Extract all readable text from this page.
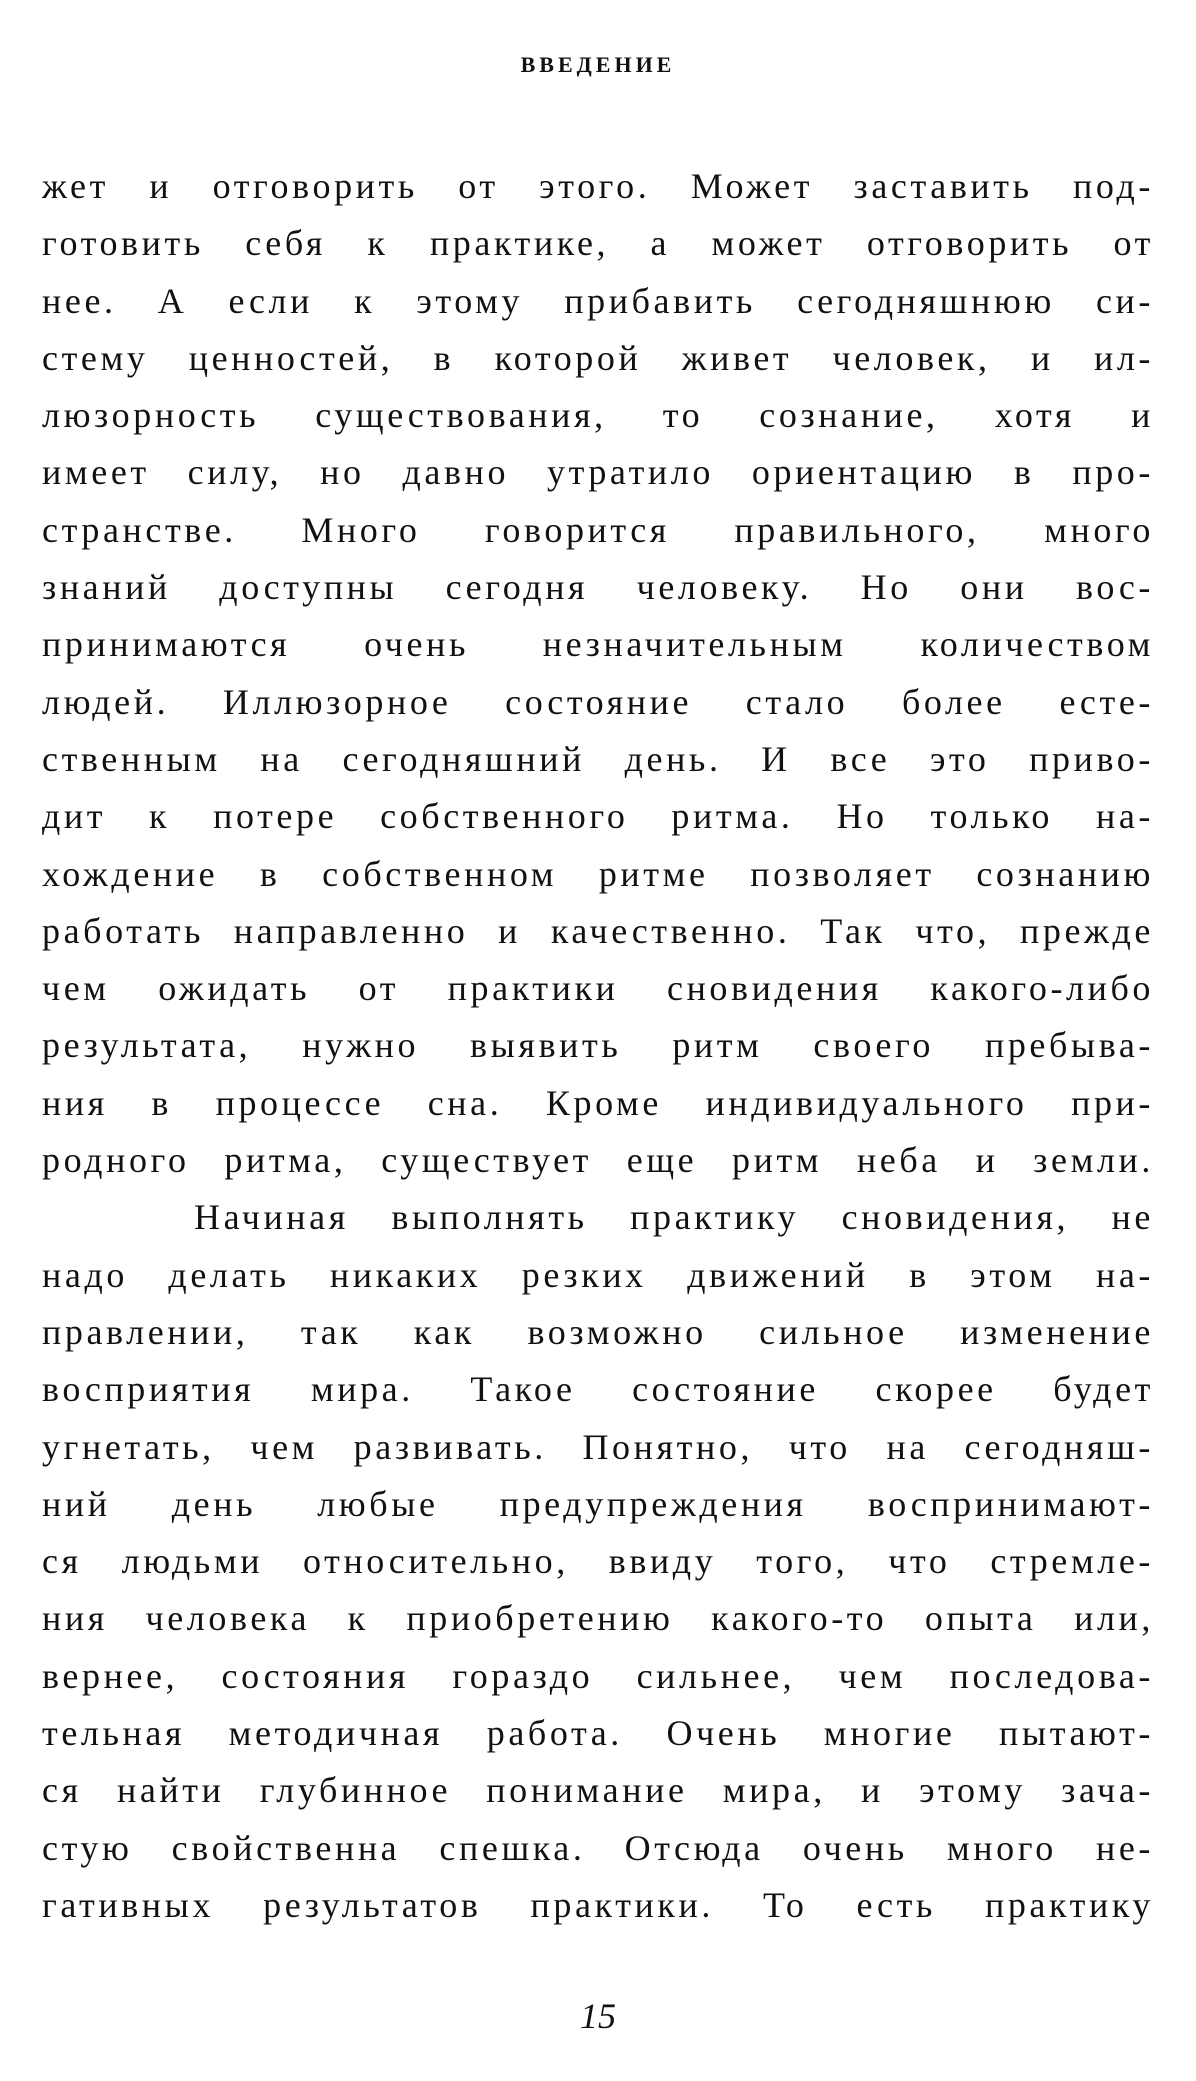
ВВЕДЕНИЕ
жет и отговорить от этого. Может заставить под-
готовить себя к практике, а может отговорить от
нее. А если к этому прибавить сегодняшнюю си-
стему ценностей, в которой живет человек, и ил-
люзорность существования, то сознание, хотя и
имеет силу, но давно утратило ориентацию в про-
странстве. Много говорится правильного, много
знаний доступны сегодня человеку. Но они вос-
принимаются очень незначительным количеством
людей. Иллюзорное состояние стало более есте-
ственным на сегодняшний день. И все это приво-
дит к потере собственного ритма. Но только на-
хождение в собственном ритме позволяет сознанию
работать направленно и качественно. Так что, прежде
чем ожидать от практики сновидения какого-либо
результата, нужно выявить ритм своего пребыва-
ния в процессе сна. Кроме индивидуального при-
родного ритма, существует еще ритм неба и земли.
Начиная выполнять практику сновидения, не
надо делать никаких резких движений в этом на-
правлении, так как возможно сильное изменение
восприятия мира. Такое состояние скорее будет
угнетать, чем развивать. Понятно, что на сегодняш-
ний день любые предупреждения воспринимают-
ся людьми относительно, ввиду того, что стремле-
ния человека к приобретению какого-то опыта или,
вернее, состояния гораздо сильнее, чем последова-
тельная методичная работа. Очень многие пытают-
ся найти глубинное понимание мира, и этому зача-
стую свойственна спешка. Отсюда очень много не-
гативных результатов практики. То есть практику
15
